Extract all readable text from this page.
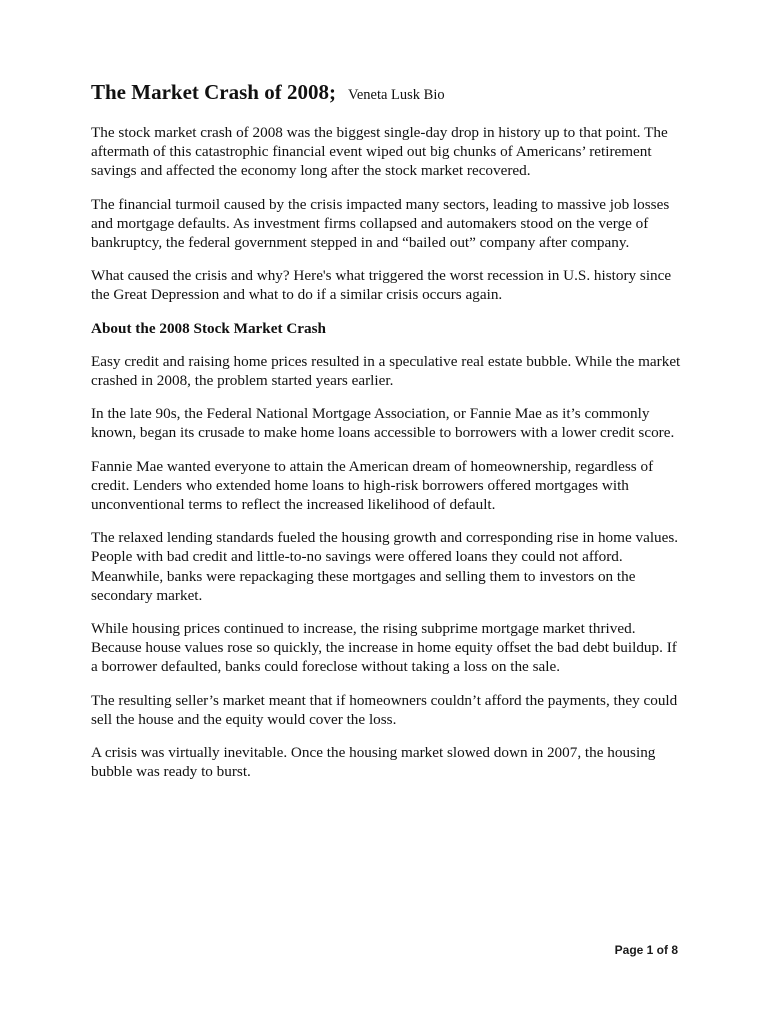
The Market Crash of 2008; Veneta Lusk Bio

The stock market crash of 2008 was the biggest single-day drop in history up to that point. The aftermath of this catastrophic financial event wiped out big chunks of Americans’ retirement savings and affected the economy long after the stock market recovered.

The financial turmoil caused by the crisis impacted many sectors, leading to massive job losses and mortgage defaults. As investment firms collapsed and automakers stood on the verge of bankruptcy, the federal government stepped in and “bailed out” company after company.

What caused the crisis and why? Here's what triggered the worst recession in U.S. history since the Great Depression and what to do if a similar crisis occurs again.

About the 2008 Stock Market Crash

Easy credit and raising home prices resulted in a speculative real estate bubble. While the market crashed in 2008, the problem started years earlier.

In the late 90s, the Federal National Mortgage Association, or Fannie Mae as it’s commonly known, began its crusade to make home loans accessible to borrowers with a lower credit score.

Fannie Mae wanted everyone to attain the American dream of homeownership, regardless of credit. Lenders who extended home loans to high-risk borrowers offered mortgages with unconventional terms to reflect the increased likelihood of default.

The relaxed lending standards fueled the housing growth and corresponding rise in home values. People with bad credit and little-to-no savings were offered loans they could not afford. Meanwhile, banks were repackaging these mortgages and selling them to investors on the secondary market.

While housing prices continued to increase, the rising subprime mortgage market thrived. Because house values rose so quickly, the increase in home equity offset the bad debt buildup. If a borrower defaulted, banks could foreclose without taking a loss on the sale.

The resulting seller’s market meant that if homeowners couldn’t afford the payments, they could sell the house and the equity would cover the loss.

A crisis was virtually inevitable. Once the housing market slowed down in 2007, the housing bubble was ready to burst.

Page 1 of 8
